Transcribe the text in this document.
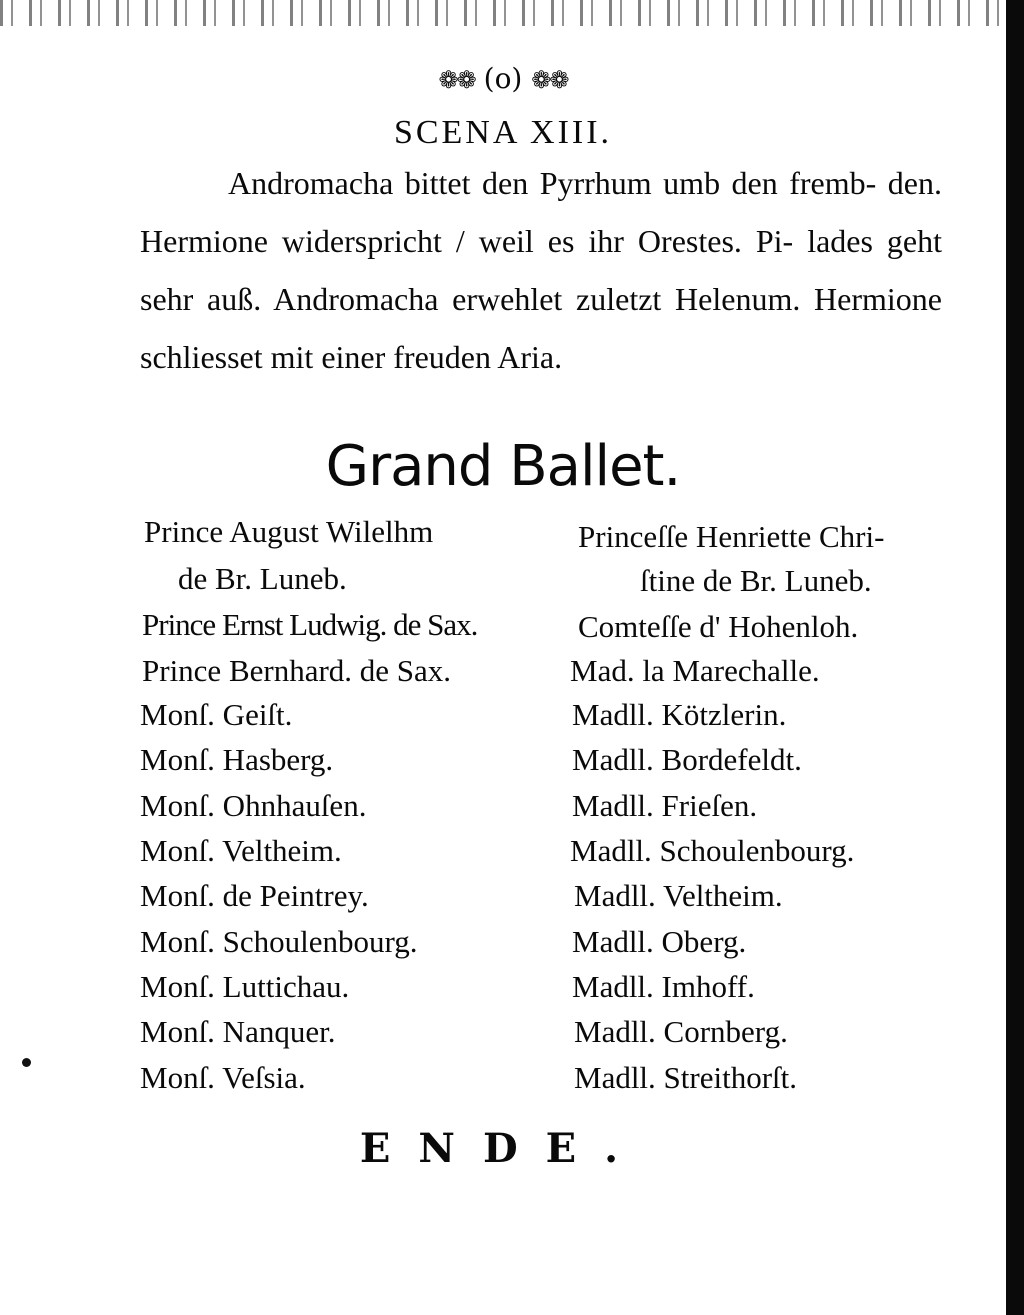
❁❁ (o) ❁❁
SCENA XIII.
Andromacha bittet den Pyrrhum umb den fremb- den. Hermione widerspricht / weil es ihr Orestes. Pi- lades geht sehr auß. Andromacha erwehlet zuletzt Helenum. Hermione schliesset mit einer freuden Aria.
Grand Ballet.
Prince August Wilelhm
de Br. Luneb.
Prince Ernst Ludwig. de Sax.
Prince Bernhard. de Sax.
Monſ. Geiſt.
Monſ. Hasberg.
Monſ. Ohnhauſen.
Monſ. Veltheim.
Monſ. de Peintrey.
Monſ. Schoulenbourg.
Monſ. Luttichau.
Monſ. Nanquer.
Monſ. Veſsia.
Princeſſe Henriette Chri-
ſtine de Br. Luneb.
Comteſſe d' Hohenloh.
Mad. la Marechalle.
Madll. Kötzlerin.
Madll. Bordefeldt.
Madll. Frieſen.
Madll. Schoulenbourg.
Madll. Veltheim.
Madll. Oberg.
Madll. Imhoff.
Madll. Cornberg.
Madll. Streithorſt.
ENDE.
